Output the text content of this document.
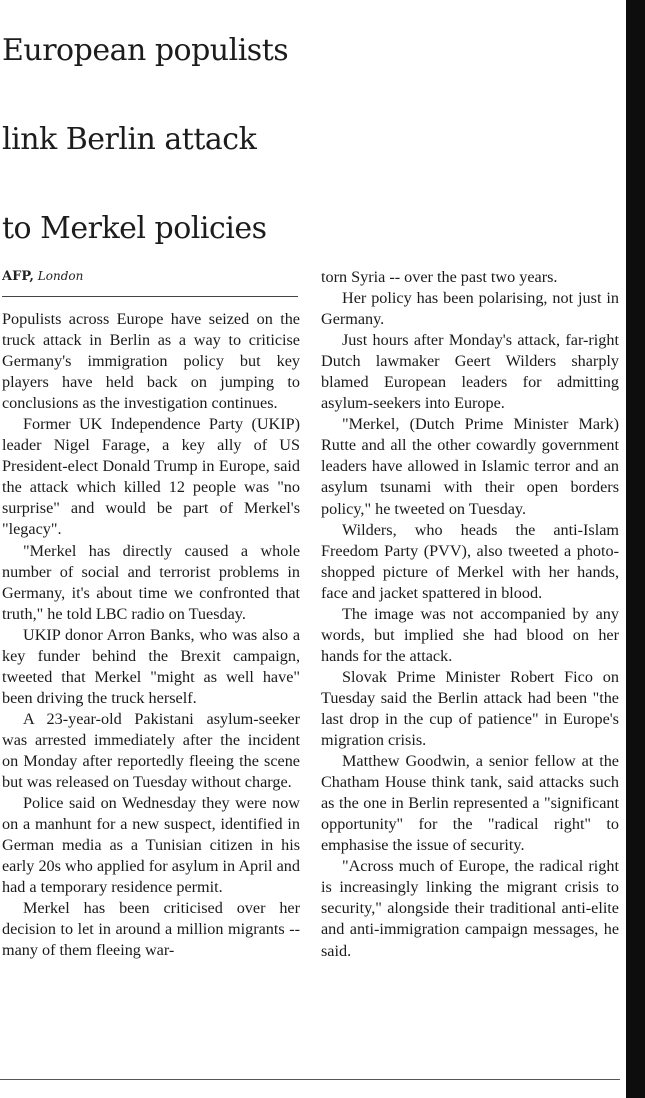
European populists
link Berlin attack
to Merkel policies
AFP, London

Populists across Europe have seized on the truck attack in Berlin as a way to criticise Germany's immigration policy but key players have held back on jumping to conclusions as the investigation continues.

Former UK Independence Party (UKIP) leader Nigel Farage, a key ally of US President-elect Donald Trump in Europe, said the attack which killed 12 people was "no surprise" and would be part of Merkel's "legacy".

"Merkel has directly caused a whole number of social and terrorist problems in Germany, it's about time we confronted that truth," he told LBC radio on Tuesday.

UKIP donor Arron Banks, who was also a key funder behind the Brexit campaign, tweeted that Merkel "might as well have" been driving the truck herself.

A 23-year-old Pakistani asylum-seeker was arrested immediately after the incident on Monday after reportedly fleeing the scene but was released on Tuesday without charge.

Police said on Wednesday they were now on a manhunt for a new suspect, identified in German media as a Tunisian citizen in his early 20s who applied for asylum in April and had a temporary residence permit.

Merkel has been criticised over her decision to let in around a million migrants -- many of them fleeing war-

torn Syria -- over the past two years.

Her policy has been polarising, not just in Germany.

Just hours after Monday's attack, far-right Dutch lawmaker Geert Wilders sharply blamed European leaders for admitting asylum-seekers into Europe.

"Merkel, (Dutch Prime Minister Mark) Rutte and all the other cowardly government leaders have allowed in Islamic terror and an asylum tsunami with their open borders policy," he tweeted on Tuesday.

Wilders, who heads the anti-Islam Freedom Party (PVV), also tweeted a photo-shopped picture of Merkel with her hands, face and jacket spattered in blood.

The image was not accompanied by any words, but implied she had blood on her hands for the attack.

Slovak Prime Minister Robert Fico on Tuesday said the Berlin attack had been "the last drop in the cup of patience" in Europe's migration crisis.

Matthew Goodwin, a senior fellow at the Chatham House think tank, said attacks such as the one in Berlin represented a "significant opportunity" for the "radical right" to emphasise the issue of security.

"Across much of Europe, the radical right is increasingly linking the migrant crisis to security," alongside their traditional anti-elite and anti-immigration campaign messages, he said.
